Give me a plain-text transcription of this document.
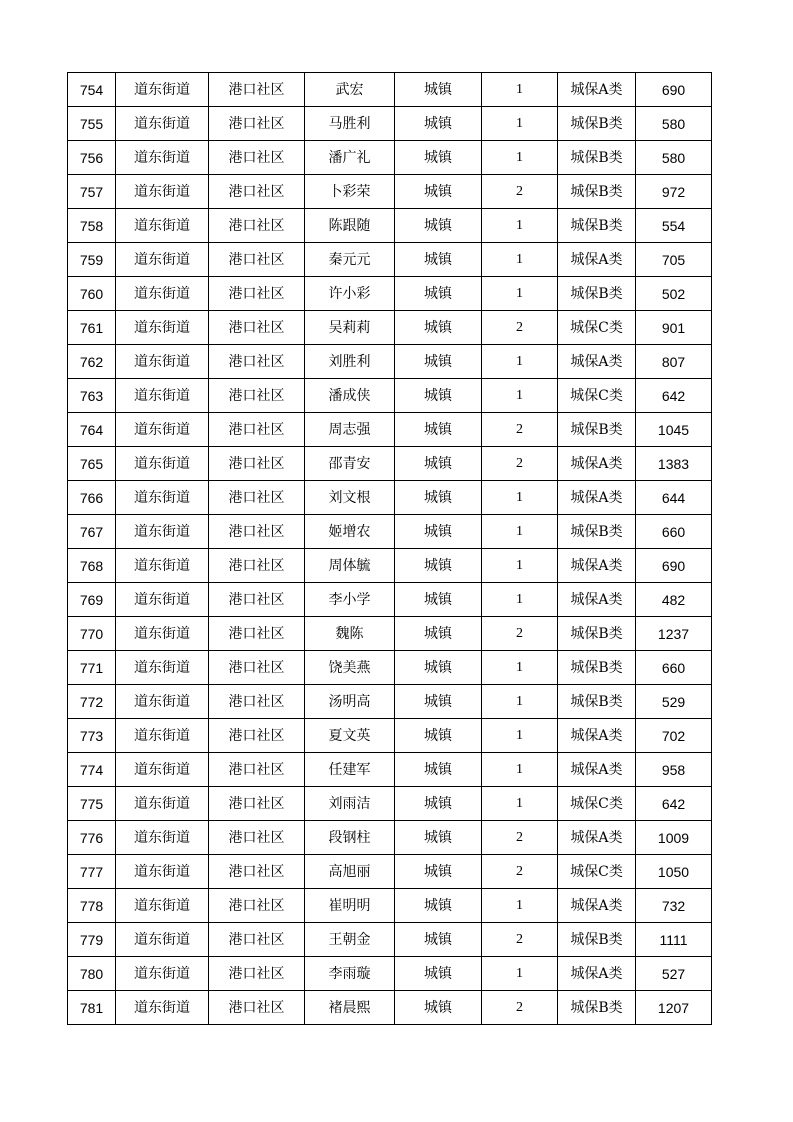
754	道东街道	港口社区	武宏	城镇	1	城保A类	690
755	道东街道	港口社区	马胜利	城镇	1	城保B类	580
756	道东街道	港口社区	潘广礼	城镇	1	城保B类	580
757	道东街道	港口社区	卜彩荣	城镇	2	城保B类	972
758	道东街道	港口社区	陈跟随	城镇	1	城保B类	554
759	道东街道	港口社区	秦元元	城镇	1	城保A类	705
760	道东街道	港口社区	许小彩	城镇	1	城保B类	502
761	道东街道	港口社区	吴莉莉	城镇	2	城保C类	901
762	道东街道	港口社区	刘胜利	城镇	1	城保A类	807
763	道东街道	港口社区	潘成侠	城镇	1	城保C类	642
764	道东街道	港口社区	周志强	城镇	2	城保B类	1045
765	道东街道	港口社区	邵青安	城镇	2	城保A类	1383
766	道东街道	港口社区	刘文根	城镇	1	城保A类	644
767	道东街道	港口社区	姬增农	城镇	1	城保B类	660
768	道东街道	港口社区	周体毓	城镇	1	城保A类	690
769	道东街道	港口社区	李小学	城镇	1	城保A类	482
770	道东街道	港口社区	魏陈	城镇	2	城保B类	1237
771	道东街道	港口社区	饶美燕	城镇	1	城保B类	660
772	道东街道	港口社区	汤明高	城镇	1	城保B类	529
773	道东街道	港口社区	夏文英	城镇	1	城保A类	702
774	道东街道	港口社区	任建军	城镇	1	城保A类	958
775	道东街道	港口社区	刘雨洁	城镇	1	城保C类	642
776	道东街道	港口社区	段钢柱	城镇	2	城保A类	1009
777	道东街道	港口社区	高旭丽	城镇	2	城保C类	1050
778	道东街道	港口社区	崔明明	城镇	1	城保A类	732
779	道东街道	港口社区	王朝金	城镇	2	城保B类	1111
780	道东街道	港口社区	李雨璇	城镇	1	城保A类	527
781	道东街道	港口社区	褚晨熙	城镇	2	城保B类	1207
